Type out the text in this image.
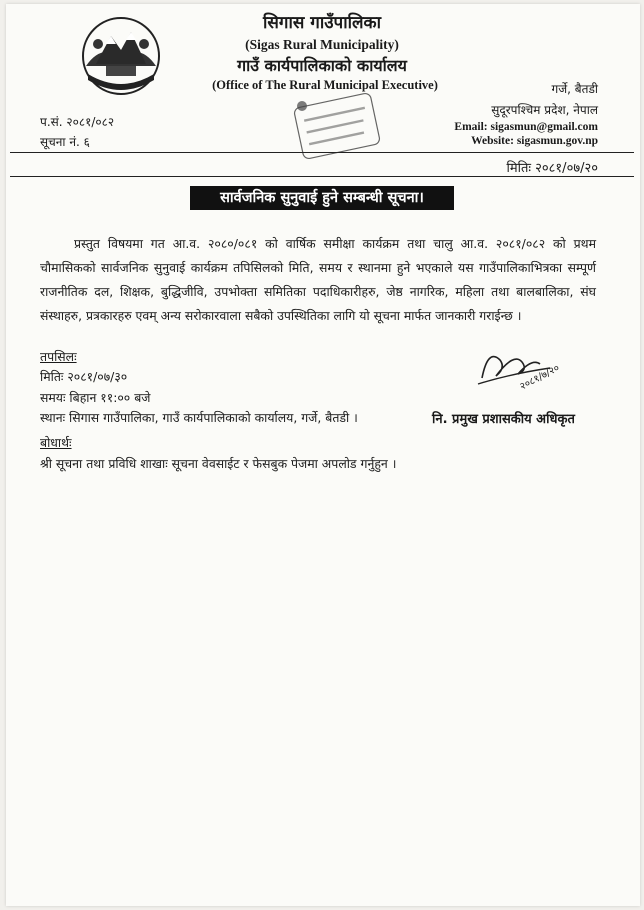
सिगास गाउँपालिका
(Sigas Rural Municipality)
गाउँ कार्यपालिकाको कार्यालय
(Office of The Rural Municipal Executive)	गर्जे, बैतडी
सुदूरपश्चिम प्रदेश, नेपाल
Email: sigasmun@gmail.com
Website: sigasmun.gov.np
प.सं. २०८१/०८२
सूचना नं. ६
मितिः २०८१/०७/२०
सार्वजनिक सुनुवाई हुने सम्बन्धी सूचना।
प्रस्तुत विषयमा गत आ.व. २०८०/०८१ को वार्षिक समीक्षा कार्यक्रम तथा चालु आ.व. २०८१/०८२ को प्रथम चौमासिकको सार्वजनिक सुनुवाई कार्यक्रम तपिसिलको मिति, समय र स्थानमा हुने भएकाले यस गाउँपालिकाभित्रका सम्पूर्ण राजनीतिक दल, शिक्षक, बुद्धिजीवि, उपभोक्ता समितिका पदाधिकारीहरु, जेष्ठ नागरिक, महिला तथा बालबालिका, संघ संस्थाहरु, प्रत्रकारहरु एवम् अन्य सरोकारवाला सबैको उपस्थितिका लागि यो सूचना मार्फत जानकारी गराईन्छ ।
तपसिलः
मितिः २०८१/०७/३०
समयः बिहान ११:०० बजे
स्थानः सिगास गाउँपालिका, गाउँ कार्यपालिकाको कार्यालय, गर्जे, बैतडी ।
२०८१/७/२०
नि. प्रमुख प्रशासकीय अधिकृत
बोधार्थः
श्री सूचना तथा प्रविधि शाखाः सूचना वेवसाईट र फेसबुक पेजमा अपलोड गर्नुहुन ।
